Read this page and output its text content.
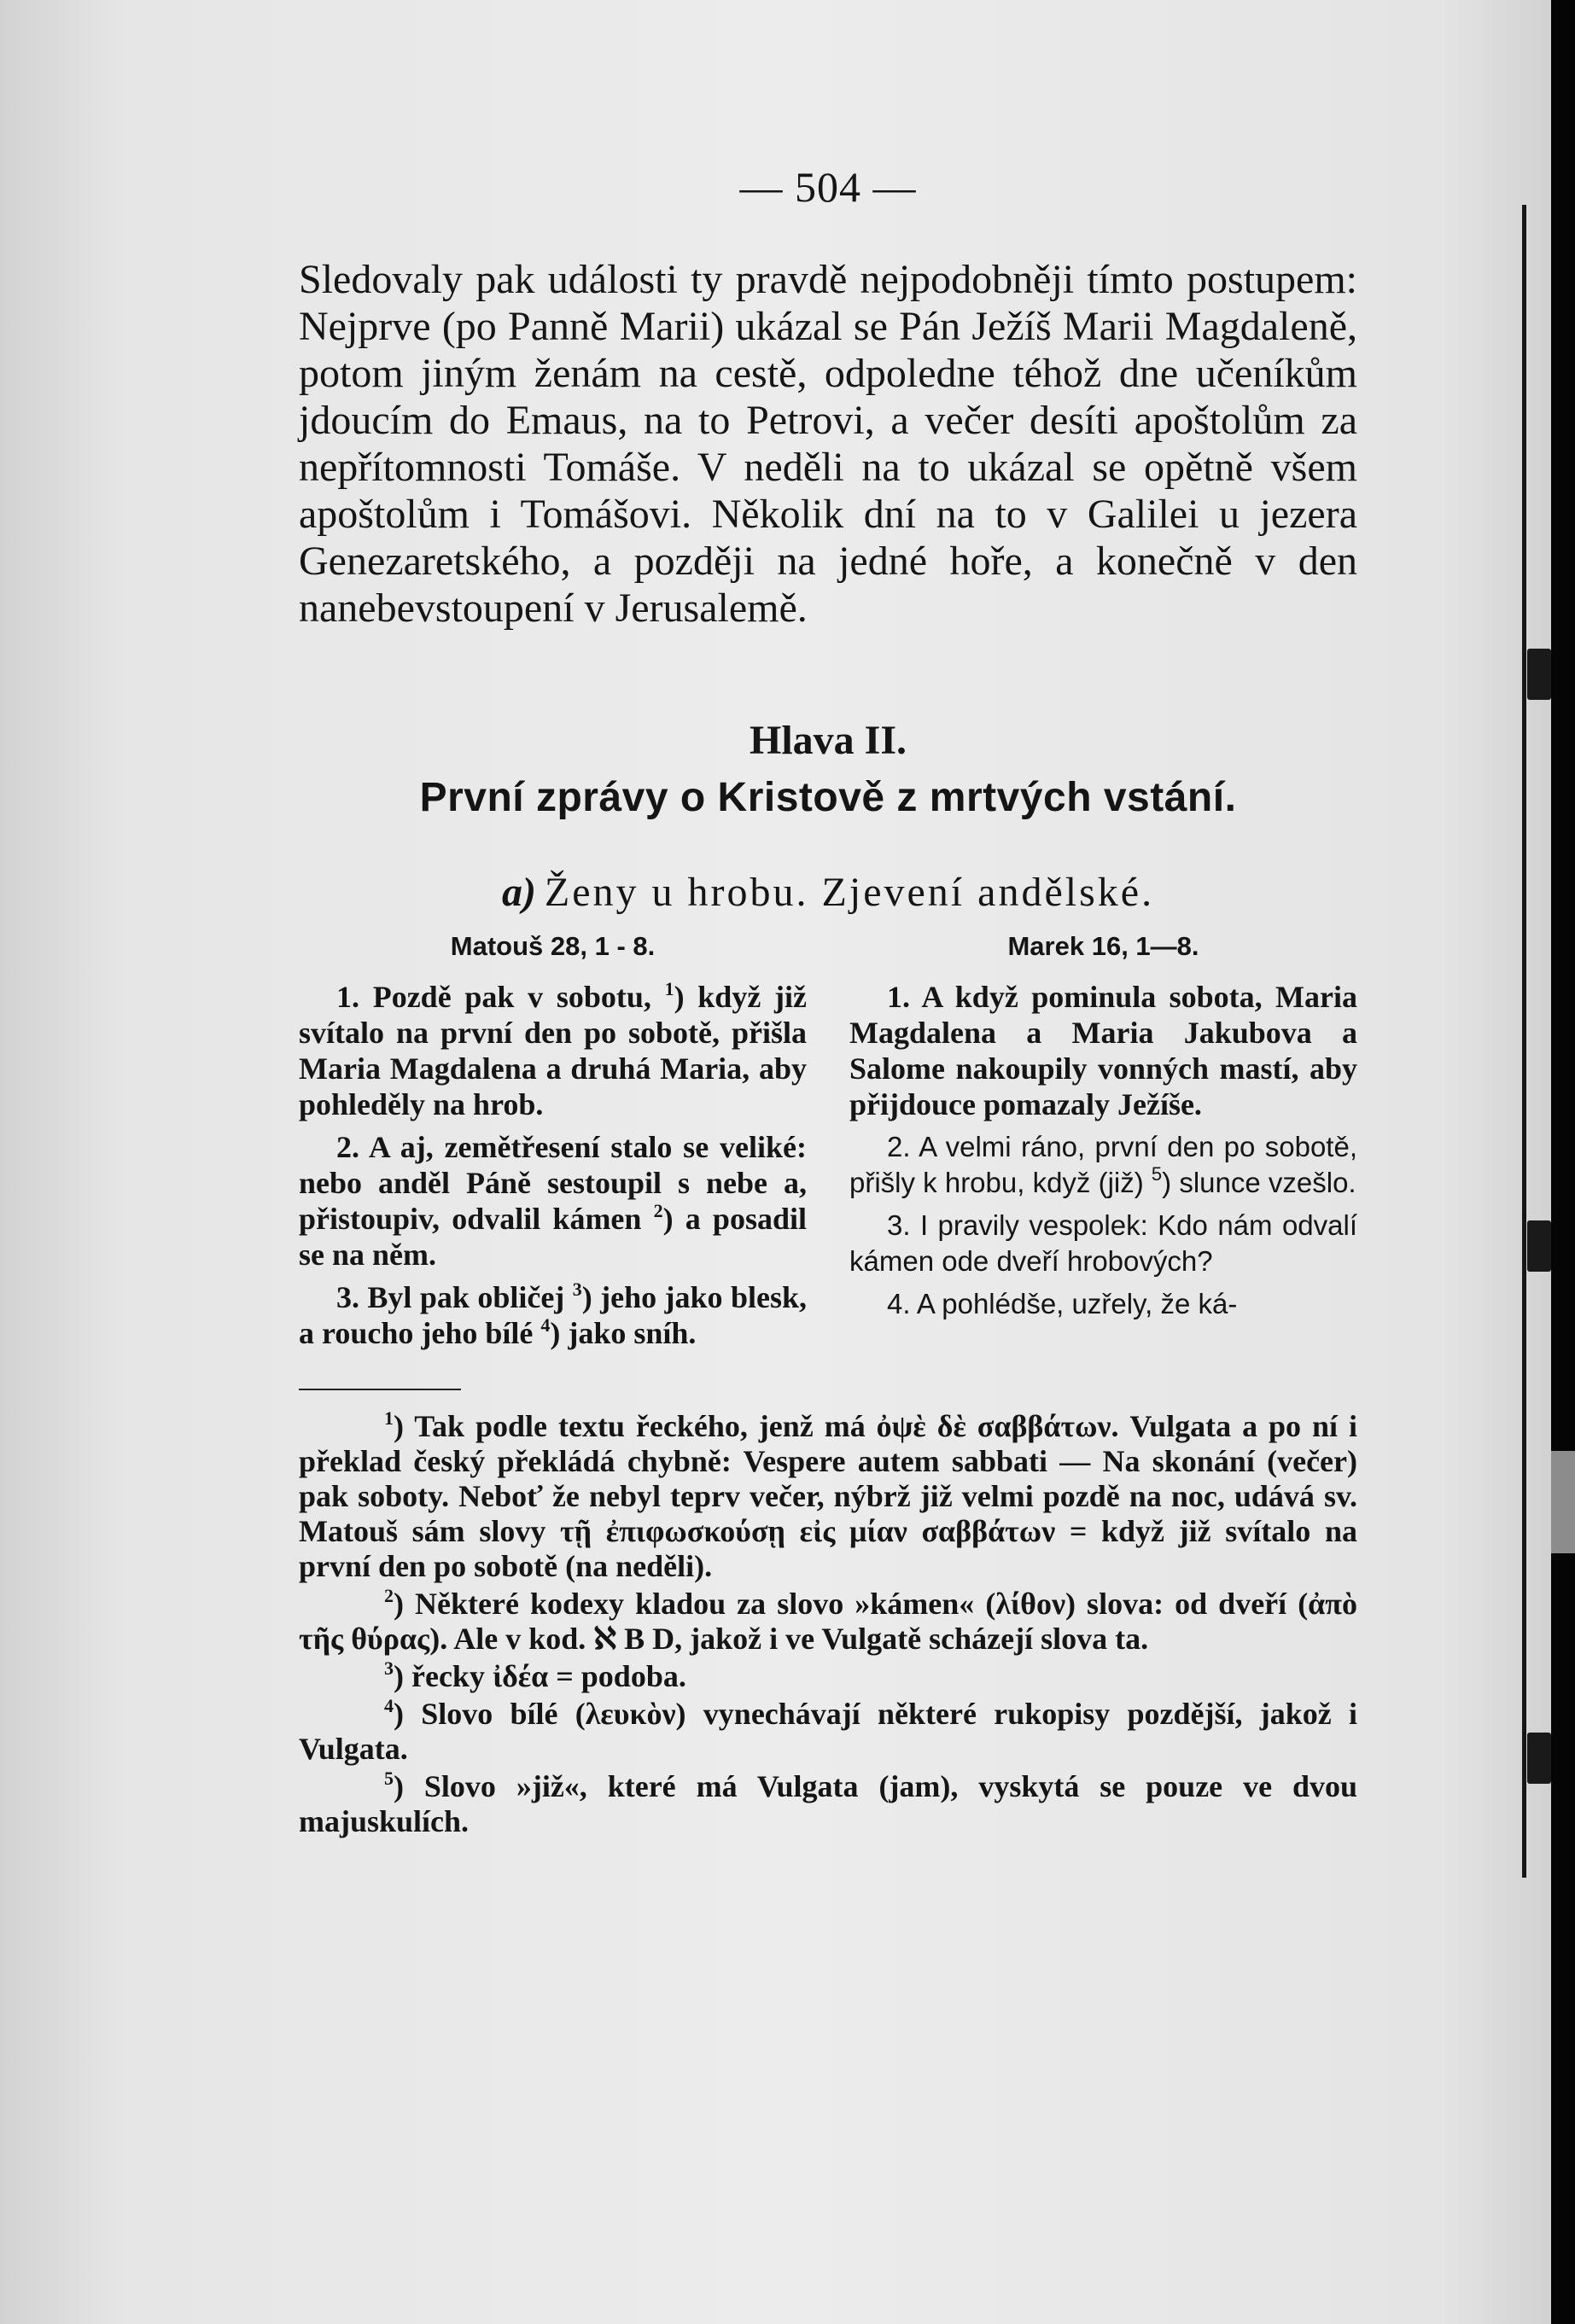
— 504 —

Sledovaly pak události ty pravdě nejpodobněji tímto postupem: Nejprve (po Panně Marii) ukázal se Pán Ježíš Marii Magdaleně, potom jiným ženám na cestě, odpoledne téhož dne učeníkům jdoucím do Emaus, na to Petrovi, a večer desíti apoštolům za nepřítomnosti Tomáše. V neděli na to ukázal se opětně všem apoštolům i Tomášovi. Několik dní na to v Galilei u jezera Genezaretského, a později na jedné hoře, a konečně v den nanebevstoupení v Jerusalemě.

Hlava II.
První zprávy o Kristově z mrtvých vstání.
a) Ženy u hrobu. Zjevení andělské.
Matouš 28, 1 - 8.

1. Pozdě pak v sobotu, $^1$) když již svítalo na první den po sobotě, přišla Maria Magdalena a druhá Maria, aby pohleděly na hrob.

2. A aj, zemětřesení stalo se veliké: nebo anděl Páně sestoupil s nebe a, přistoupiv, odvalil kámen $^2$) a posadil se na něm.

3. Byl pak obličej $^3$) jeho jako blesk, a roucho jeho bílé $^4$) jako sníh.

Marek 16, 1—8.

1. A když pominula sobota, Maria Magdalena a Maria Jakubova a Salome nakoupily vonných mastí, aby přijdouce pomazaly Ježíše.

2. A velmi ráno, první den po sobotě, přišly k hrobu, když (již) $^5$) slunce vzešlo.

3. I pravily vespolek: Kdo nám odvalí kámen ode dveří hrobových?

4. A pohlédše, uzřely, že ká-

$^1$) Tak podle textu řeckého, jenž má ὀψὲ δὲ σαββάτων. Vulgata a po ní i překlad český překládá chybně: Vespere autem sabbati — Na skonání (večer) pak soboty. Neboť že nebyl teprv večer, nýbrž již velmi pozdě na noc, udává sv. Matouš sám slovy τῇ ἐπιφωσκούσῃ εἰς μίαν σαββάτων = když již svítalo na první den po sobotě (na neděli).

$^2$) Některé kodexy kladou za slovo »kámen« (λίθον) slova: od dveří (ἀπὸ τῆς θύρας). Ale v kod. ℵ B D, jakož i ve Vulgatě scházejí slova ta.

$^3$) řecky ἰδέα = podoba.

$^4$) Slovo bílé (λευκὸν) vynechávají některé rukopisy pozdější, jakož i Vulgata.

$^5$) Slovo »již«, které má Vulgata (jam), vyskytá se pouze ve dvou majuskulích.
